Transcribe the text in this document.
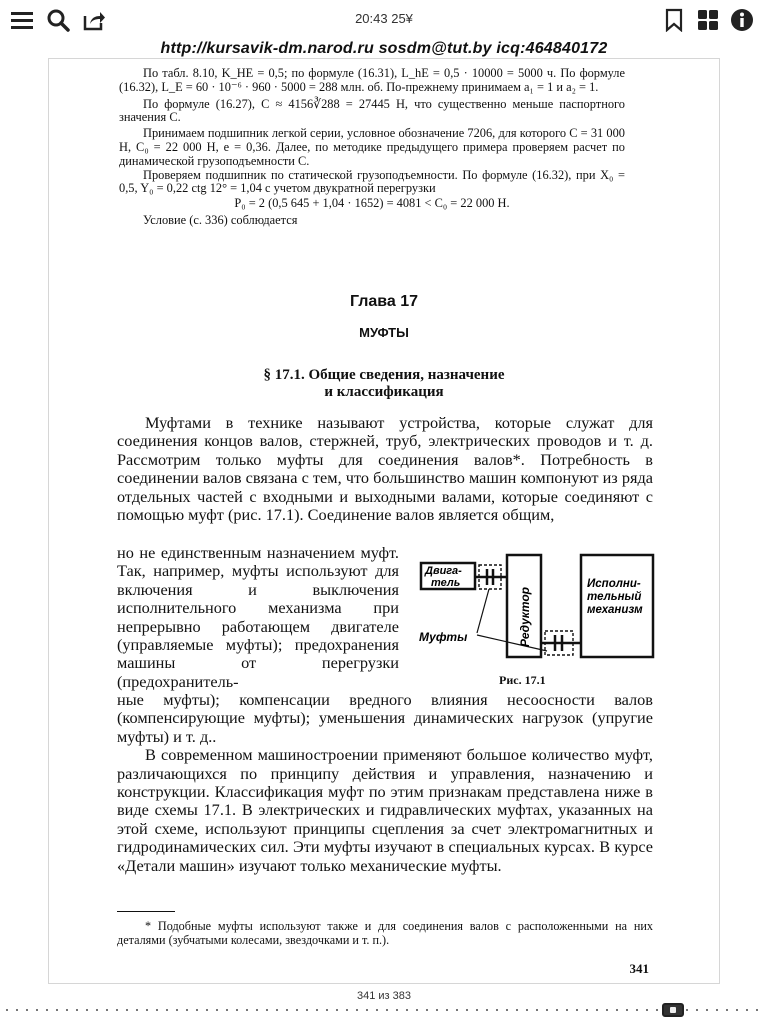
20:43 25¥
http://kursavik-dm.narod.ru sosdm@tut.by icq:464840172

По табл. 8.10, K_HE = 0,5; по формуле (16.31), L_hE = 0,5 · 10000 = 5000 ч. По формуле (16.32), L_E = 60 · 10⁻⁶ · 960 · 5000 = 288 млн. об. По-прежнему принимаем a₁ = 1 и a₂ = 1.

По формуле (16.27), C ≈ 4156∛288 = 27445 Н, что существенно меньше паспортного значения C.

Принимаем подшипник легкой серии, условное обозначение 7206, для которого C = 31 000 Н, C₀ = 22 000 Н, e = 0,36. Далее, по методике предыдущего примера проверяем расчет по динамической грузоподъемности C.

Проверяем подшипник по статической грузоподъемности. По формуле (16.32), при X₀ = 0,5, Y₀ = 0,22 ctg 12° = 1,04 с учетом двукратной перегрузки

P₀ = 2 (0,5 645 + 1,04 · 1652) = 4081 < C₀ = 22 000 Н.

Условие (с. 336) соблюдается

Глава 17
МУФТЫ
§ 17.1. Общие сведения, назначение
и классификация

Муфтами в технике называют устройства, которые служат для соединения концов валов, стержней, труб, электрических проводов и т. д. Рассмотрим только муфты для соединения валов*. Потребность в соединении валов связана с тем, что большинство машин компонуют из ряда отдельных частей с входными и выходными валами, которые соединяют с помощью муфт (рис. 17.1). Соединение валов является общим,

но не единственным назначением муфт. Так, например, муфты используют для включения и выключения исполнительного механизма при непрерывно работающем двигателе (управляемые муфты); предохранения машины от перегрузки (предохранитель-

ные муфты); компенсации вредного влияния несоосности валов (компенсирующие муфты); уменьшения динамических нагрузок (упругие муфты) и т. д..

В современном машиностроении применяют большое количество муфт, различающихся по принципу действия и управления, назначению и конструкции. Классификация муфт по этим признакам представлена ниже в виде схемы 17.1. В электрических и гидравлических муфтах, указанных на этой схеме, используют принципы сцепления за счет электромагнитных и гидродинамических сил. Эти муфты изучают в специальных курсах. В курсе «Детали машин» изучают только механические муфты.

Двига-
тель
Редуктор
Исполни-
тельный
механизм
Муфты
Рис. 17.1
* Подобные муфты используют также и для соединения валов с расположенными на них деталями (зубчатыми колесами, звездочками и т. п.).
341
341 из 383
